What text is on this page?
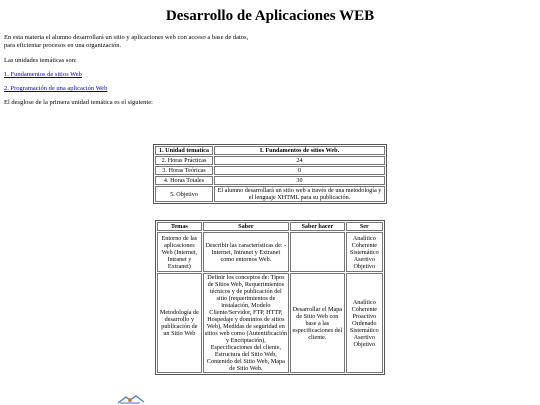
Desarrollo de Aplicaciones WEB

En esta materia el alumno desarrollará un sitio y aplicaciones web con acceso a base de datos, para eficientar procesos en una organización.

Las unidades temáticas son:

1. Fundamentos de sitios Web

2. Programación de una aplicación Web

El desglose de la primera unidad temática es el siguiente:

1. Unidad tematica	I. Fundamentos de sitios Web.
2. Horas Prácticas	24
3. Horas Teóricas	0
4. Horas Totales	30
5. Objetivo	El alumno desarrollará un sitio web a través de una metodología y el lenguaje XHTML para su publicación.
Temas	Saber	Saber hacer	Ser
Entorno de las aplicaciones Web (Internet, Intranet y Extranet)	Describir las características de: -Internet, Intranet y Extranet como entornos Web.		Analítico Coherente Sistemático Asertivo Objetivo
Metodología de desarrollo y publicación de un Sitio Web	Definir los conceptos de: Tipos de Sitios Web, Requerimientos técnicos y de publicación del sitio (requerimientos de instalación, Modelo Cliente/Servidor, FTP, HTTP, Hospedaje y dominios de sitios Web), Medidas de seguridad en sitios web como (Autentificación y Encriptación), Especificaciones del cliente, Estructura del Sitio Web, Contenido del Sitio Web, Mapa de Sitio Web.	Desarrollar el Mapa de Sitio Web con base a las especificaciones del cliente.	Analítico Coherente Proactivo Ordenado Sistemático Asertivo Objetivo
